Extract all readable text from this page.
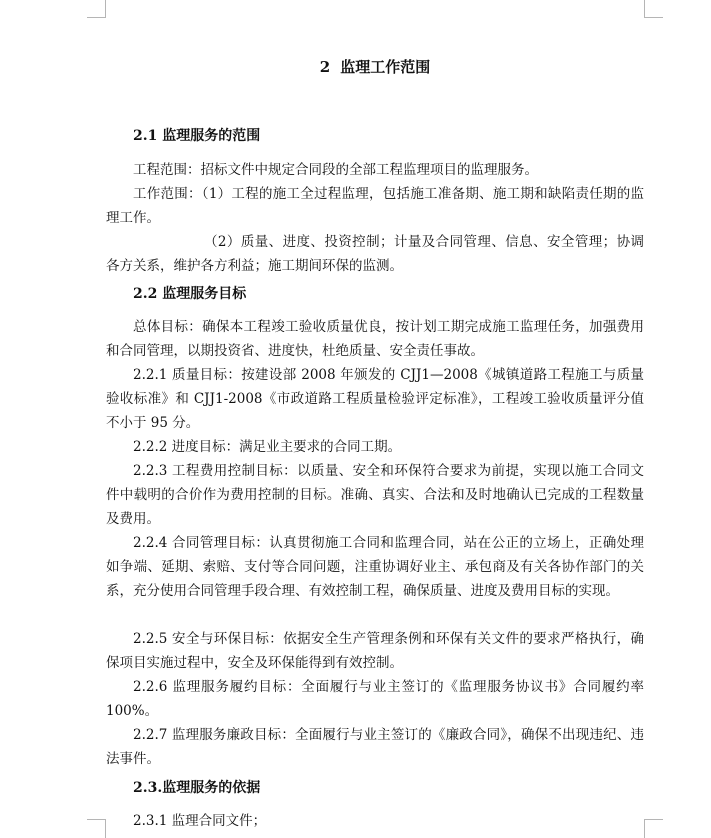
2 监理工作范围
2.1 监理服务的范围
工程范围：招标文件中规定合同段的全部工程监理项目的监理服务。
工作范围：（1）工程的施工全过程监理，包括施工准备期、施工期和缺陷责任期的监理工作。
（2）质量、进度、投资控制；计量及合同管理、信息、安全管理；协调各方关系，维护各方利益；施工期间环保的监测。
2.2 监理服务目标
总体目标：确保本工程竣工验收质量优良，按计划工期完成施工监理任务，加强费用和合同管理，以期投资省、进度快，杜绝质量、安全责任事故。
2.2.1 质量目标：按建设部 2008 年颁发的 CJJ1—2008《城镇道路工程施工与质量验收标准》和 CJJ1-2008《市政道路工程质量检验评定标准》，工程竣工验收质量评分值不小于 95 分。
2.2.2 进度目标：满足业主要求的合同工期。
2.2.3 工程费用控制目标：以质量、安全和环保符合要求为前提，实现以施工合同文件中载明的合价作为费用控制的目标。准确、真实、合法和及时地确认已完成的工程数量及费用。
2.2.4 合同管理目标：认真贯彻施工合同和监理合同，站在公正的立场上，正确处理如争端、延期、索赔、支付等合同问题，注重协调好业主、承包商及有关各协作部门的关系，充分使用合同管理手段合理、有效控制工程，确保质量、进度及费用目标的实现。
2.2.5 安全与环保目标：依据安全生产管理条例和环保有关文件的要求严格执行，确保项目实施过程中，安全及环保能得到有效控制。
2.2.6 监理服务履约目标：全面履行与业主签订的《监理服务协议书》合同履约率 100%。
2.2.7 监理服务廉政目标：全面履行与业主签订的《廉政合同》，确保不出现违纪、违法事件。
2.3.监理服务的依据
2.3.1 监理合同文件；
